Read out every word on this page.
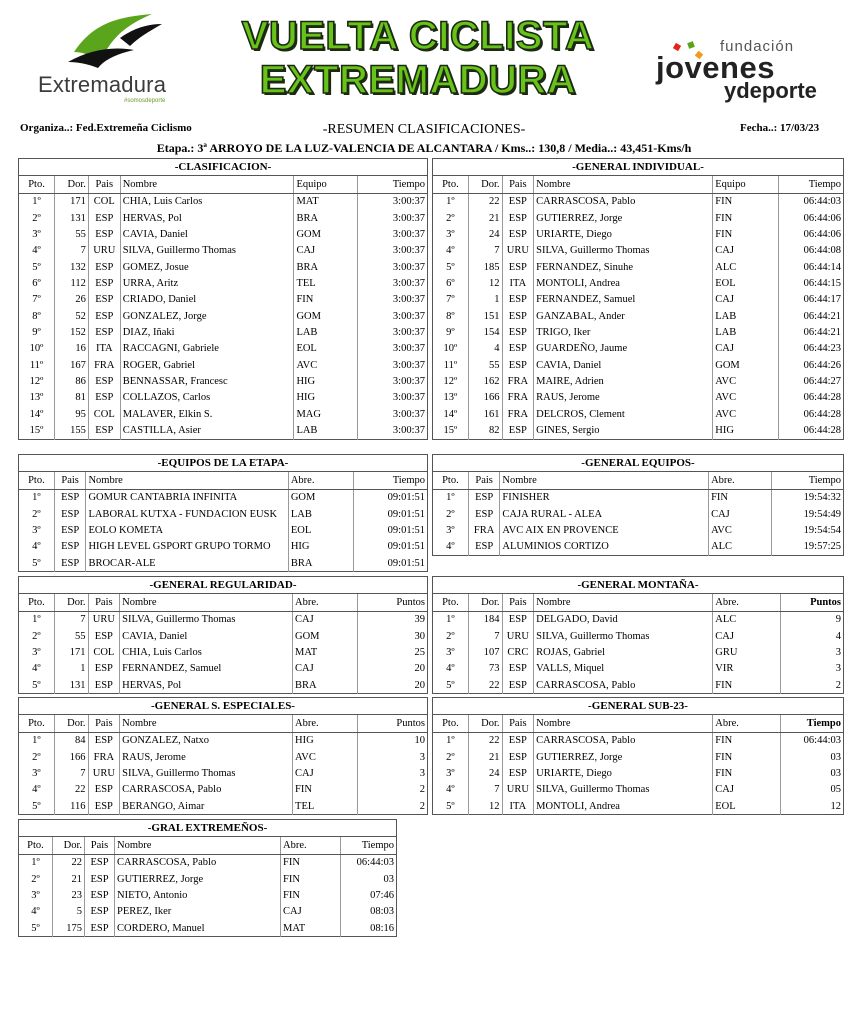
Extremadura
#somosdeporte
VUELTA CICLISTA
EXTREMADURA
fundación
jovenes
ydeporte
Organiza..: Fed.Extremeña Ciclismo	-RESUMEN CLASIFICACIONES-	Fecha..: 17/03/23
Etapa.: 3ª ARROYO DE LA LUZ-VALENCIA DE ALCANTARA / Kms..: 130,8 / Media..: 43,451-Kms/h
-CLASIFICACION-					
Pto.	Dor.	Pais	Nombre	Equipo	Tiempo
1º	171	COL	CHIA, Luis Carlos	MAT	3:00:37
2º	131	ESP	HERVAS, Pol	BRA	3:00:37
3º	55	ESP	CAVIA, Daniel	GOM	3:00:37
4º	7	URU	SILVA, Guillermo Thomas	CAJ	3:00:37
5º	132	ESP	GOMEZ, Josue	BRA	3:00:37
6º	112	ESP	URRA, Aritz	TEL	3:00:37
7º	26	ESP	CRIADO, Daniel	FIN	3:00:37
8º	52	ESP	GONZALEZ, Jorge	GOM	3:00:37
9º	152	ESP	DIAZ, Iñaki	LAB	3:00:37
10º	16	ITA	RACCAGNI, Gabriele	EOL	3:00:37
11º	167	FRA	ROGER, Gabriel	AVC	3:00:37
12º	86	ESP	BENNASSAR, Francesc	HIG	3:00:37
13º	81	ESP	COLLAZOS, Carlos	HIG	3:00:37
14º	95	COL	MALAVER, Elkin S.	MAG	3:00:37
15º	155	ESP	CASTILLA, Asier	LAB	3:00:37
-GENERAL INDIVIDUAL-					
Pto.	Dor.	Pais	Nombre	Equipo	Tiempo
1º	22	ESP	CARRASCOSA, Pablo	FIN	06:44:03
2º	21	ESP	GUTIERREZ, Jorge	FIN	06:44:06
3º	24	ESP	URIARTE, Diego	FIN	06:44:06
4º	7	URU	SILVA, Guillermo Thomas	CAJ	06:44:08
5º	185	ESP	FERNANDEZ, Sinuhe	ALC	06:44:14
6º	12	ITA	MONTOLI, Andrea	EOL	06:44:15
7º	1	ESP	FERNANDEZ, Samuel	CAJ	06:44:17
8º	151	ESP	GANZABAL, Ander	LAB	06:44:21
9º	154	ESP	TRIGO, Iker	LAB	06:44:21
10º	4	ESP	GUARDEÑO, Jaume	CAJ	06:44:23
11º	55	ESP	CAVIA, Daniel	GOM	06:44:26
12º	162	FRA	MAIRE, Adrien	AVC	06:44:27
13º	166	FRA	RAUS, Jerome	AVC	06:44:28
14º	161	FRA	DELCROS, Clement	AVC	06:44:28
15º	82	ESP	GINES, Sergio	HIG	06:44:28
-EQUIPOS DE LA ETAPA-				
Pto.	Pais	Nombre	Abre.	Tiempo
1º	ESP	GOMUR CANTABRIA INFINITA	GOM	09:01:51
2º	ESP	LABORAL KUTXA - FUNDACION EUSK	LAB	09:01:51
3º	ESP	EOLO KOMETA	EOL	09:01:51
4º	ESP	HIGH LEVEL GSPORT GRUPO TORMO	HIG	09:01:51
5º	ESP	BROCAR-ALE	BRA	09:01:51
-GENERAL EQUIPOS-				
Pto.	Pais	Nombre	Abre.	Tiempo
1º	ESP	FINISHER	FIN	19:54:32
2º	ESP	CAJA RURAL - ALEA	CAJ	19:54:49
3º	FRA	AVC AIX EN PROVENCE	AVC	19:54:54
4º	ESP	ALUMINIOS CORTIZO	ALC	19:57:25
-GENERAL REGULARIDAD-					
Pto.	Dor.	Pais	Nombre	Abre.	Puntos
1º	7	URU	SILVA, Guillermo Thomas	CAJ	39
2º	55	ESP	CAVIA, Daniel	GOM	30
3º	171	COL	CHIA, Luis Carlos	MAT	25
4º	1	ESP	FERNANDEZ, Samuel	CAJ	20
5º	131	ESP	HERVAS, Pol	BRA	20
-GENERAL MONTAÑA-					
Pto.	Dor.	Pais	Nombre	Abre.	Puntos
1º	184	ESP	DELGADO, David	ALC	9
2º	7	URU	SILVA, Guillermo Thomas	CAJ	4
3º	107	CRC	ROJAS, Gabriel	GRU	3
4º	73	ESP	VALLS, Miquel	VIR	3
5º	22	ESP	CARRASCOSA, Pablo	FIN	2
-GENERAL S. ESPECIALES-					
Pto.	Dor.	Pais	Nombre	Abre.	Puntos
1º	84	ESP	GONZALEZ, Natxo	HIG	10
2º	166	FRA	RAUS, Jerome	AVC	3
3º	7	URU	SILVA, Guillermo Thomas	CAJ	3
4º	22	ESP	CARRASCOSA, Pablo	FIN	2
5º	116	ESP	BERANGO, Aimar	TEL	2
-GENERAL SUB-23-					
Pto.	Dor.	Pais	Nombre	Abre.	Tiempo
1º	22	ESP	CARRASCOSA, Pablo	FIN	06:44:03
2º	21	ESP	GUTIERREZ, Jorge	FIN	03
3º	24	ESP	URIARTE, Diego	FIN	03
4º	7	URU	SILVA, Guillermo Thomas	CAJ	05
5º	12	ITA	MONTOLI, Andrea	EOL	12
-GRAL EXTREMEÑOS-					
Pto.	Dor.	Pais	Nombre	Abre.	Tiempo
1º	22	ESP	CARRASCOSA, Pablo	FIN	06:44:03
2º	21	ESP	GUTIERREZ, Jorge	FIN	03
3º	23	ESP	NIETO, Antonio	FIN	07:46
4º	5	ESP	PEREZ, Iker	CAJ	08:03
5º	175	ESP	CORDERO, Manuel	MAT	08:16
